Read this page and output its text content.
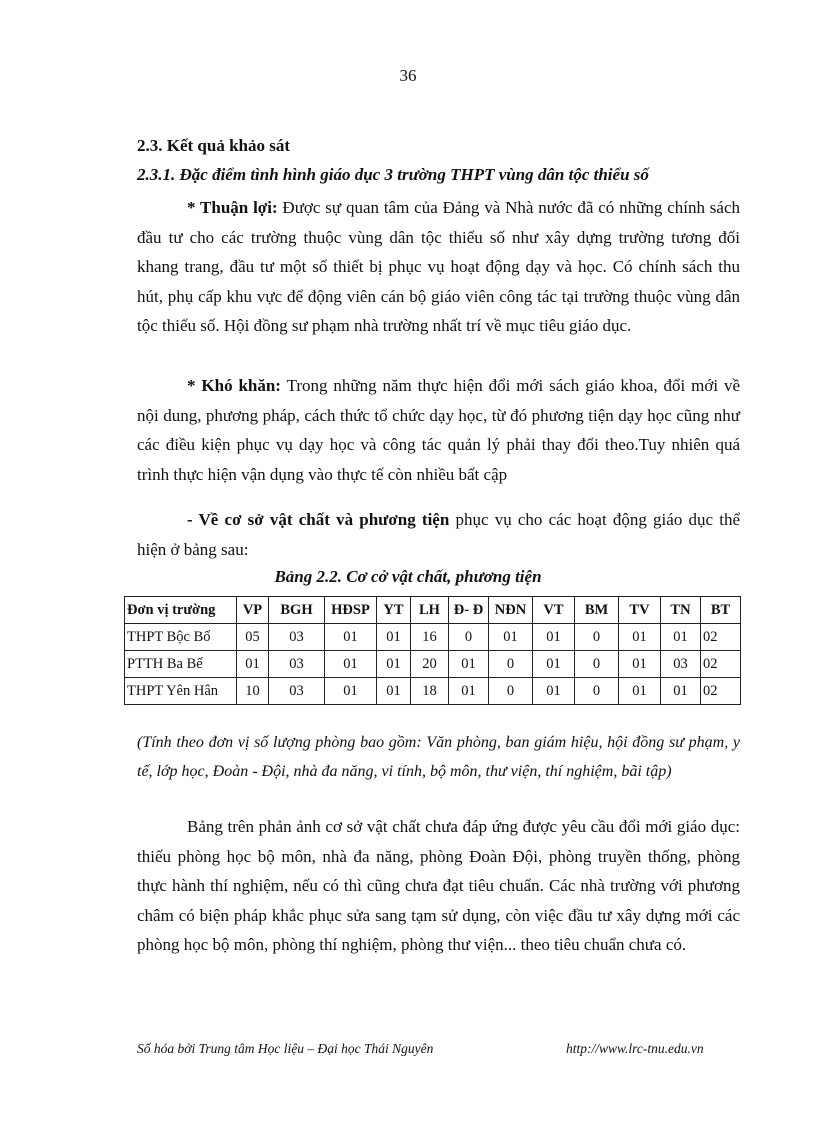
36
2.3. Kết quả khảo sát
2.3.1. Đặc điểm tình hình giáo dục 3 trường THPT vùng dân tộc thiểu số
* Thuận lợi: Được sự quan tâm của Đảng và Nhà nước đã có những chính sách đầu tư cho các trường thuộc vùng dân tộc thiểu số như xây dựng trường tương đối khang trang, đầu tư một số thiết bị phục vụ hoạt động dạy và học. Có chính sách thu hút, phụ cấp khu vực để động viên cán bộ giáo viên công tác tại trường thuộc vùng dân tộc thiểu số. Hội đồng sư phạm nhà trường nhất trí về mục tiêu giáo dục.
* Khó khăn: Trong những năm thực hiện đổi mới sách giáo khoa, đổi mới về nội dung, phương pháp, cách thức tổ chức dạy học, từ đó phương tiện dạy học cũng như các điều kiện phục vụ dạy học và công tác quản lý phải thay đổi theo.Tuy nhiên quá trình thực hiện vận dụng vào thực tế còn nhiều bất cập
- Về cơ sở vật chất và phương tiện phục vụ cho các hoạt động giáo dục thể hiện ở bảng sau:
Bảng 2.2. Cơ cở vật chất, phương tiện
Đơn vị trường	VP	BGH	HĐSP	YT	LH	Đ- Đ	NĐN	VT	BM	TV	TN	BT
THPT Bộc Bố	05	03	01	01	16	0	01	01	0	01	01	02
PTTH Ba Bể	01	03	01	01	20	01	0	01	0	01	03	02
THPT Yên Hân	10	03	01	01	18	01	0	01	0	01	01	02
(Tính theo đơn vị số lượng phòng bao gồm: Văn phòng, ban giám hiệu, hội đồng sư phạm, y tế, lớp học, Đoàn - Đội, nhà đa năng, vi tính, bộ môn, thư viện, thí nghiệm, bãi tập)
Bảng trên phản ảnh cơ sở vật chất chưa đáp ứng được yêu cầu đổi mới giáo dục: thiếu phòng học bộ môn, nhà đa năng, phòng Đoàn Đội, phòng truyền thống, phòng thực hành thí nghiệm, nếu có thì cũng chưa đạt tiêu chuẩn. Các nhà trường với phương châm có biện pháp khắc phục sửa sang tạm sử dụng, còn việc đầu tư xây dựng mới các phòng học bộ môn, phòng thí nghiệm, phòng thư viện... theo tiêu chuẩn chưa có.
Số hóa bởi Trung tâm Học liệu – Đại học Thái Nguyên	http://www.lrc-tnu.edu.vn
